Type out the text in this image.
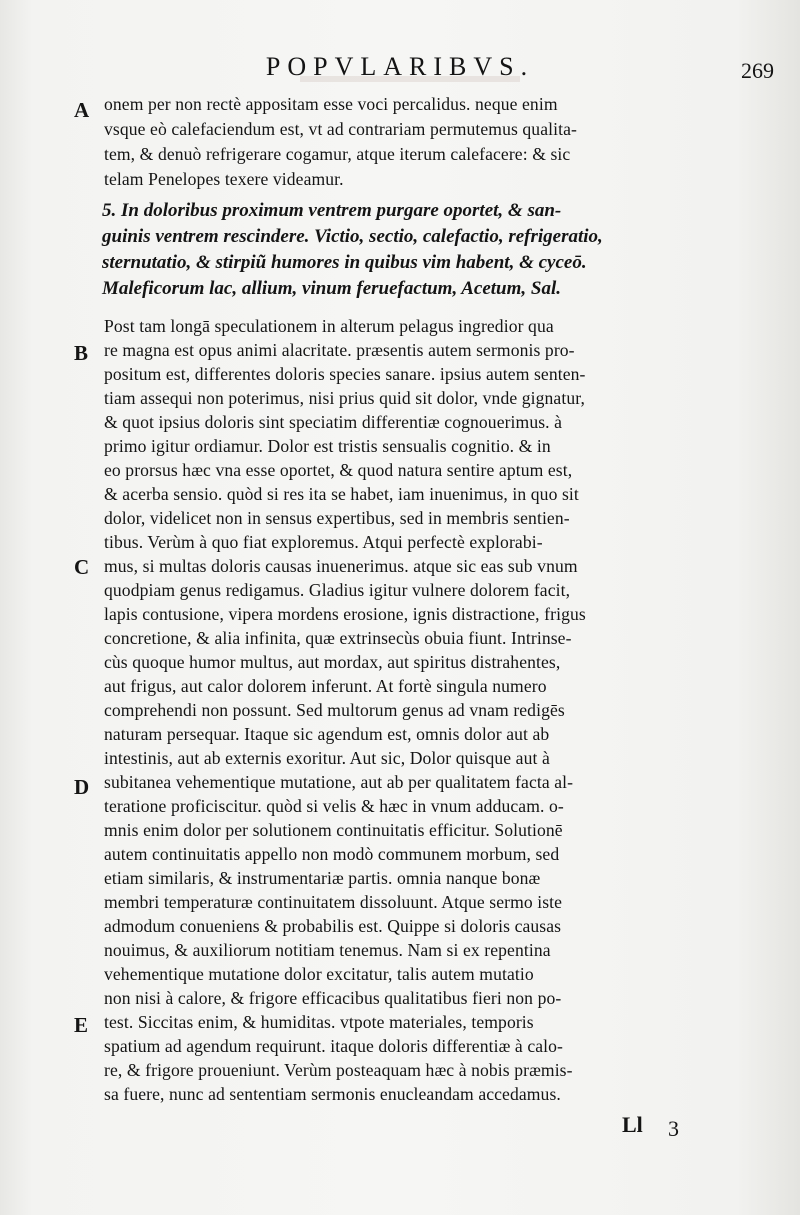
POPVLARIBVS.	269
A
B
C
D
E
onem per non rectè appositam esse voci percalidus. neque enim
vsque eò calefaciendum est, vt ad contrariam permutemus qualita-
tem, & denuò refrigerare cogamur, atque iterum calefacere: & sic
telam Penelopes texere videamur.
5. In doloribus proximum ventrem purgare oportet, & san-
guinis ventrem rescindere. Victio, sectio, calefactio, refrigeratio,
sternutatio, & stirpiũ humores in quibus vim habent, & cyceō.
Maleficorum lac, allium, vinum feruefactum, Acetum, Sal.
Post tam longā speculationem in alterum pelagus ingredior qua
re magna est opus animi alacritate. præsentis autem sermonis pro-
positum est, differentes doloris species sanare. ipsius autem senten-
tiam assequi non poterimus, nisi prius quid sit dolor, vnde gignatur,
& quot ipsius doloris sint speciatim differentiæ cognouerimus. à
primo igitur ordiamur. Dolor est tristis sensualis cognitio. & in
eo prorsus hæc vna esse oportet, & quod natura sentire aptum est,
& acerba sensio. quòd si res ita se habet, iam inuenimus, in quo sit
dolor, videlicet non in sensus expertibus, sed in membris sentien-
tibus. Verùm à quo fiat exploremus. Atqui perfectè explorabi-
mus, si multas doloris causas inuenerimus. atque sic eas sub vnum
quodpiam genus redigamus. Gladius igitur vulnere dolorem facit,
lapis contusione, vipera mordens erosione, ignis distractione, frigus
concretione, & alia infinita, quæ extrinsecùs obuia fiunt. Intrinse-
cùs quoque humor multus, aut mordax, aut spiritus distrahentes,
aut frigus, aut calor dolorem inferunt. At fortè singula numero
comprehendi non possunt. Sed multorum genus ad vnam redigēs
naturam persequar. Itaque sic agendum est, omnis dolor aut ab
intestinis, aut ab externis exoritur. Aut sic, Dolor quisque aut à
subitanea vehementique mutatione, aut ab per qualitatem facta al-
teratione proficiscitur. quòd si velis & hæc in vnum adducam. o-
mnis enim dolor per solutionem continuitatis efficitur. Solutionē
autem continuitatis appello non modò communem morbum, sed
etiam similaris, & instrumentariæ partis. omnia nanque bonæ
membri temperaturæ continuitatem dissoluunt. Atque sermo iste
admodum conueniens & probabilis est. Quippe si doloris causas
nouimus, & auxiliorum notitiam tenemus. Nam si ex repentina
vehementique mutatione dolor excitatur, talis autem mutatio
non nisi à calore, & frigore efficacibus qualitatibus fieri non po-
test. Siccitas enim, & humiditas. vtpote materiales, temporis
spatium ad agendum requirunt. itaque doloris differentiæ à calo-
re, & frigore proueniunt. Verùm posteaquam hæc à nobis præmis-
sa fuere, nunc ad sententiam sermonis enucleandam accedamus.
Ll 3
